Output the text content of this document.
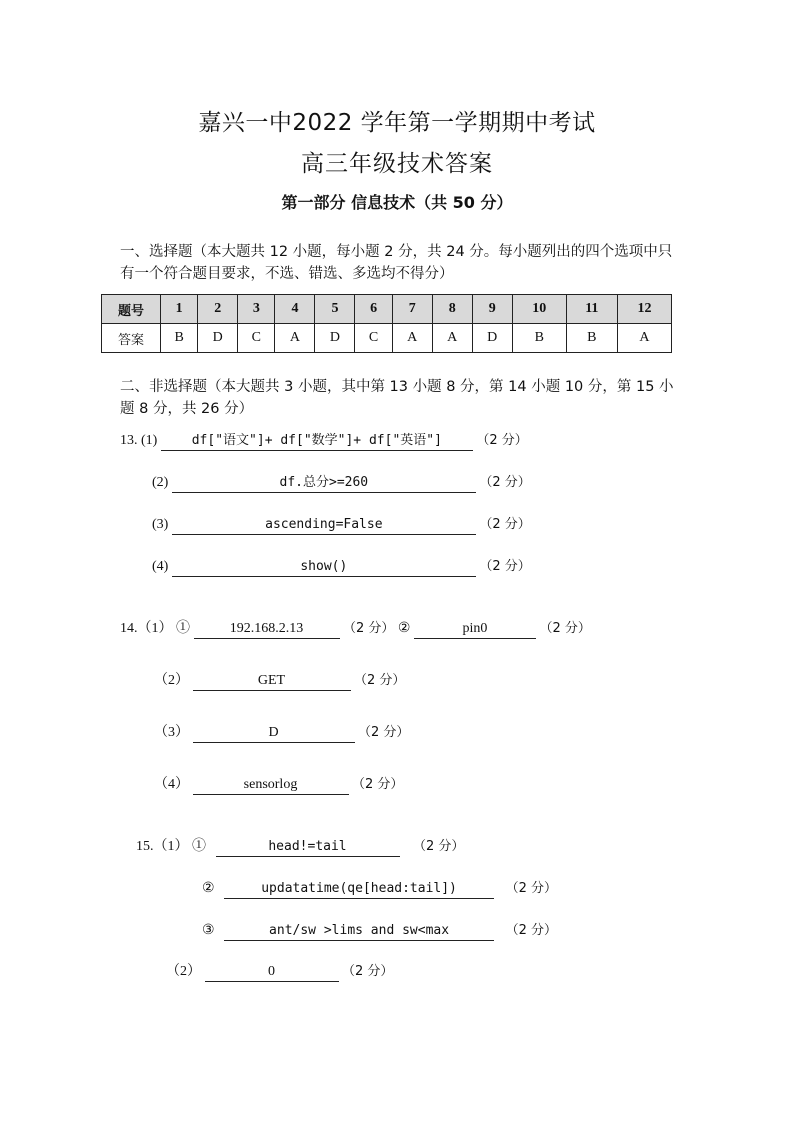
嘉兴一中2022 学年第一学期期中考试
高三年级技术答案
第一部分 信息技术（共 50 分）
一、选择题（本大题共 12 小题，每小题 2 分，共 24 分。每小题列出的四个选项中只有一个符合题目要求，不选、错选、多选均不得分）
题号	1	2	3	4	5	6	7	8	9	10	11	12
答案	B	D	C	A	D	C	A	A	D	B	B	A
二、非选择题（本大题共 3 小题，其中第 13 小题 8 分，第 14 小题 10 分，第 15 小题 8 分，共 26 分）
13. (1)	df["语文"]+ df["数学"]+ df["英语"]	（2 分）
(2)	df.总分>=260	（2 分）
(3)	ascending=False	（2 分）
(4)	show()	（2 分）
14.（1） ①	192.168.2.13	（2 分） ②	pin0	（2 分）
（2）	GET	（2 分）
（3）	D	（2 分）
（4）	sensorlog	（2 分）
15.（1） ①	head!=tail	（2 分）
②	updatatime(qe[head:tail])	（2 分）
③	ant/sw >lims and sw<max	（2 分）
（2）	0	（2 分）
